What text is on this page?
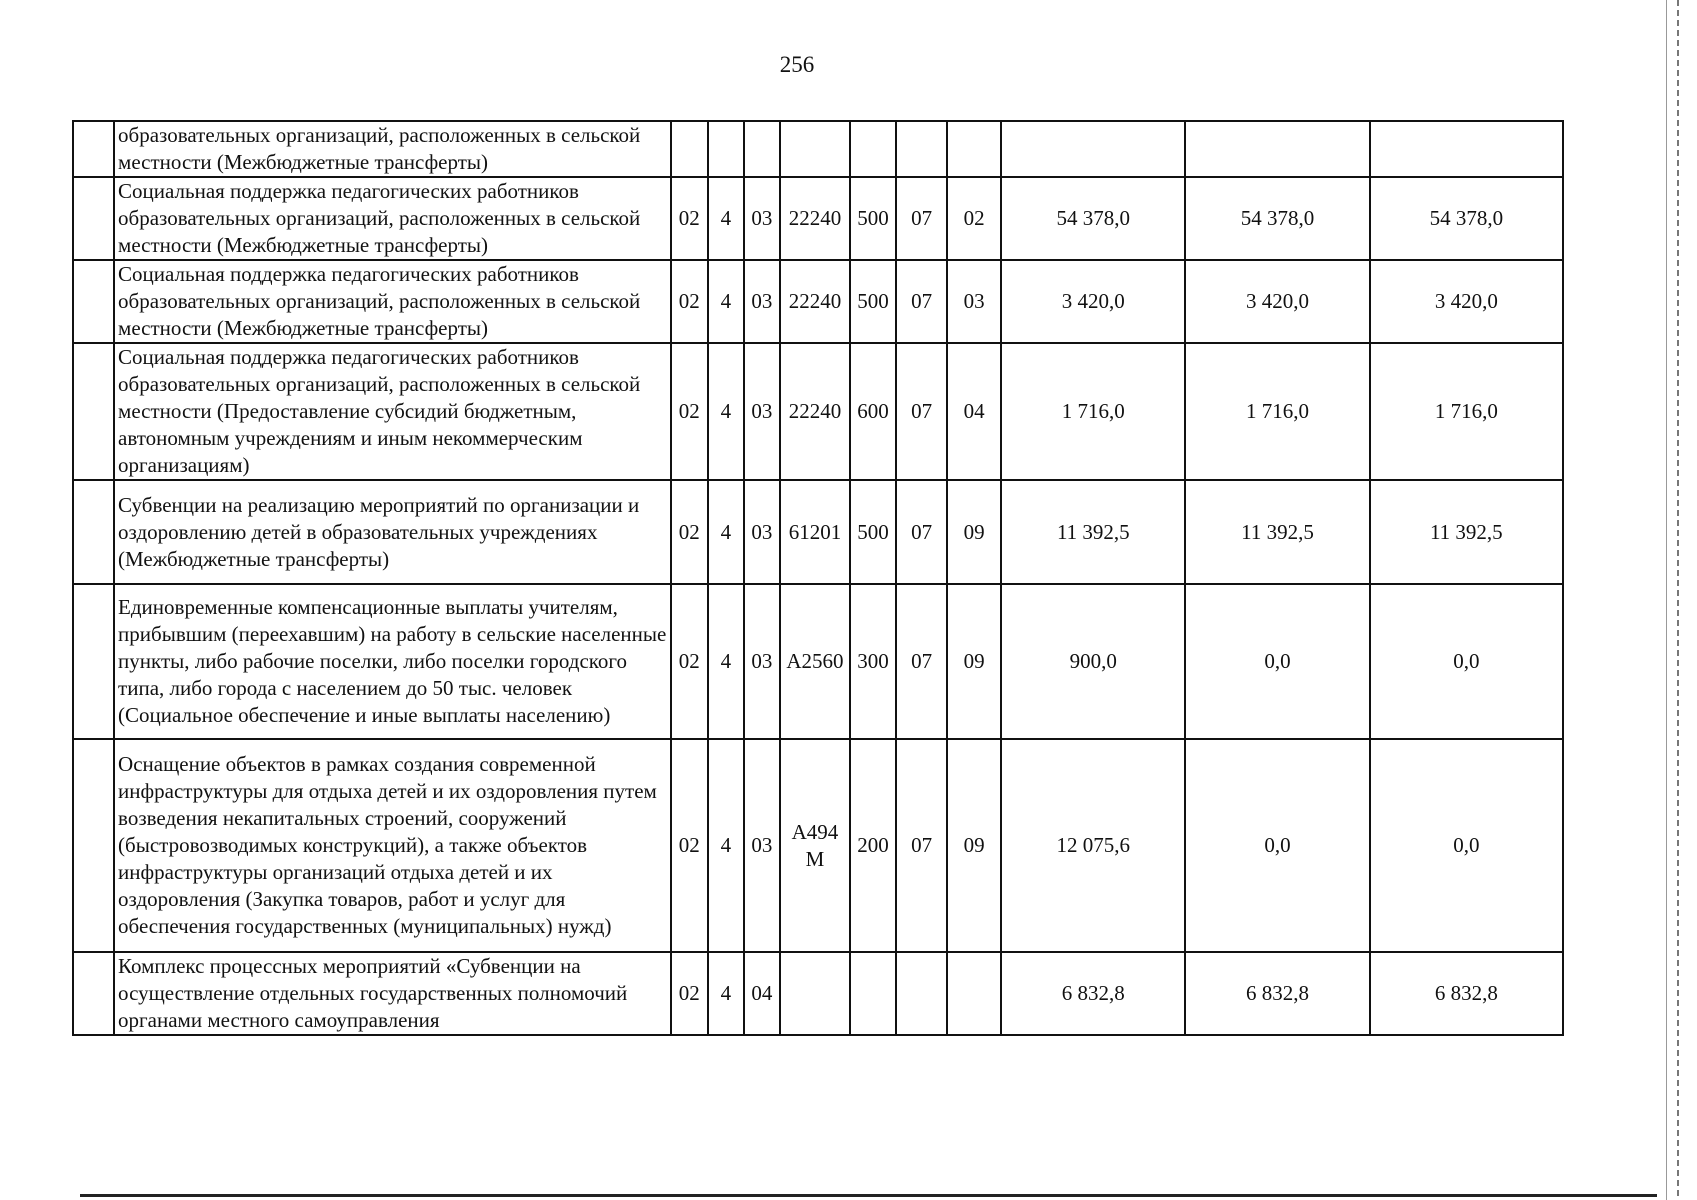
256
	образовательных организаций, расположенных в сельской местности (Межбюджетные трансферты)										
	Социальная поддержка педагогических работников образовательных организаций, расположенных в сельской местности (Межбюджетные трансферты)	02	4	03	22240	500	07	02	54 378,0	54 378,0	54 378,0
	Социальная поддержка педагогических работников образовательных организаций, расположенных в сельской местности (Межбюджетные трансферты)	02	4	03	22240	500	07	03	3 420,0	3 420,0	3 420,0
	Социальная поддержка педагогических работников образовательных организаций, расположенных в сельской местности (Предоставление субсидий бюджетным, автономным учреждениям и иным некоммерческим организациям)	02	4	03	22240	600	07	04	1 716,0	1 716,0	1 716,0
	Субвенции на реализацию мероприятий по организации и оздоровлению детей в образовательных учреждениях (Межбюджетные трансферты)	02	4	03	61201	500	07	09	11 392,5	11 392,5	11 392,5
	Единовременные компенсационные выплаты учителям, прибывшим (переехавшим) на работу в сельские населенные пункты, либо рабочие поселки, либо поселки городского типа, либо города с населением до 50 тыс. человек (Социальное обеспечение и иные выплаты населению)	02	4	03	А2560	300	07	09	900,0	0,0	0,0
	Оснащение объектов в рамках создания современной инфраструктуры для отдыха детей и их оздоровления путем возведения некапитальных строений, сооружений (быстровозводимых конструкций), а также объектов инфраструктуры организаций отдыха детей и их оздоровления (Закупка товаров, работ и услуг для обеспечения государственных (муниципальных) нужд)	02	4	03	А494 М	200	07	09	12 075,6	0,0	0,0
	Комплекс процессных мероприятий «Субвенции на осуществление отдельных государственных полномочий органами местного самоуправления	02	4	04					6 832,8	6 832,8	6 832,8
